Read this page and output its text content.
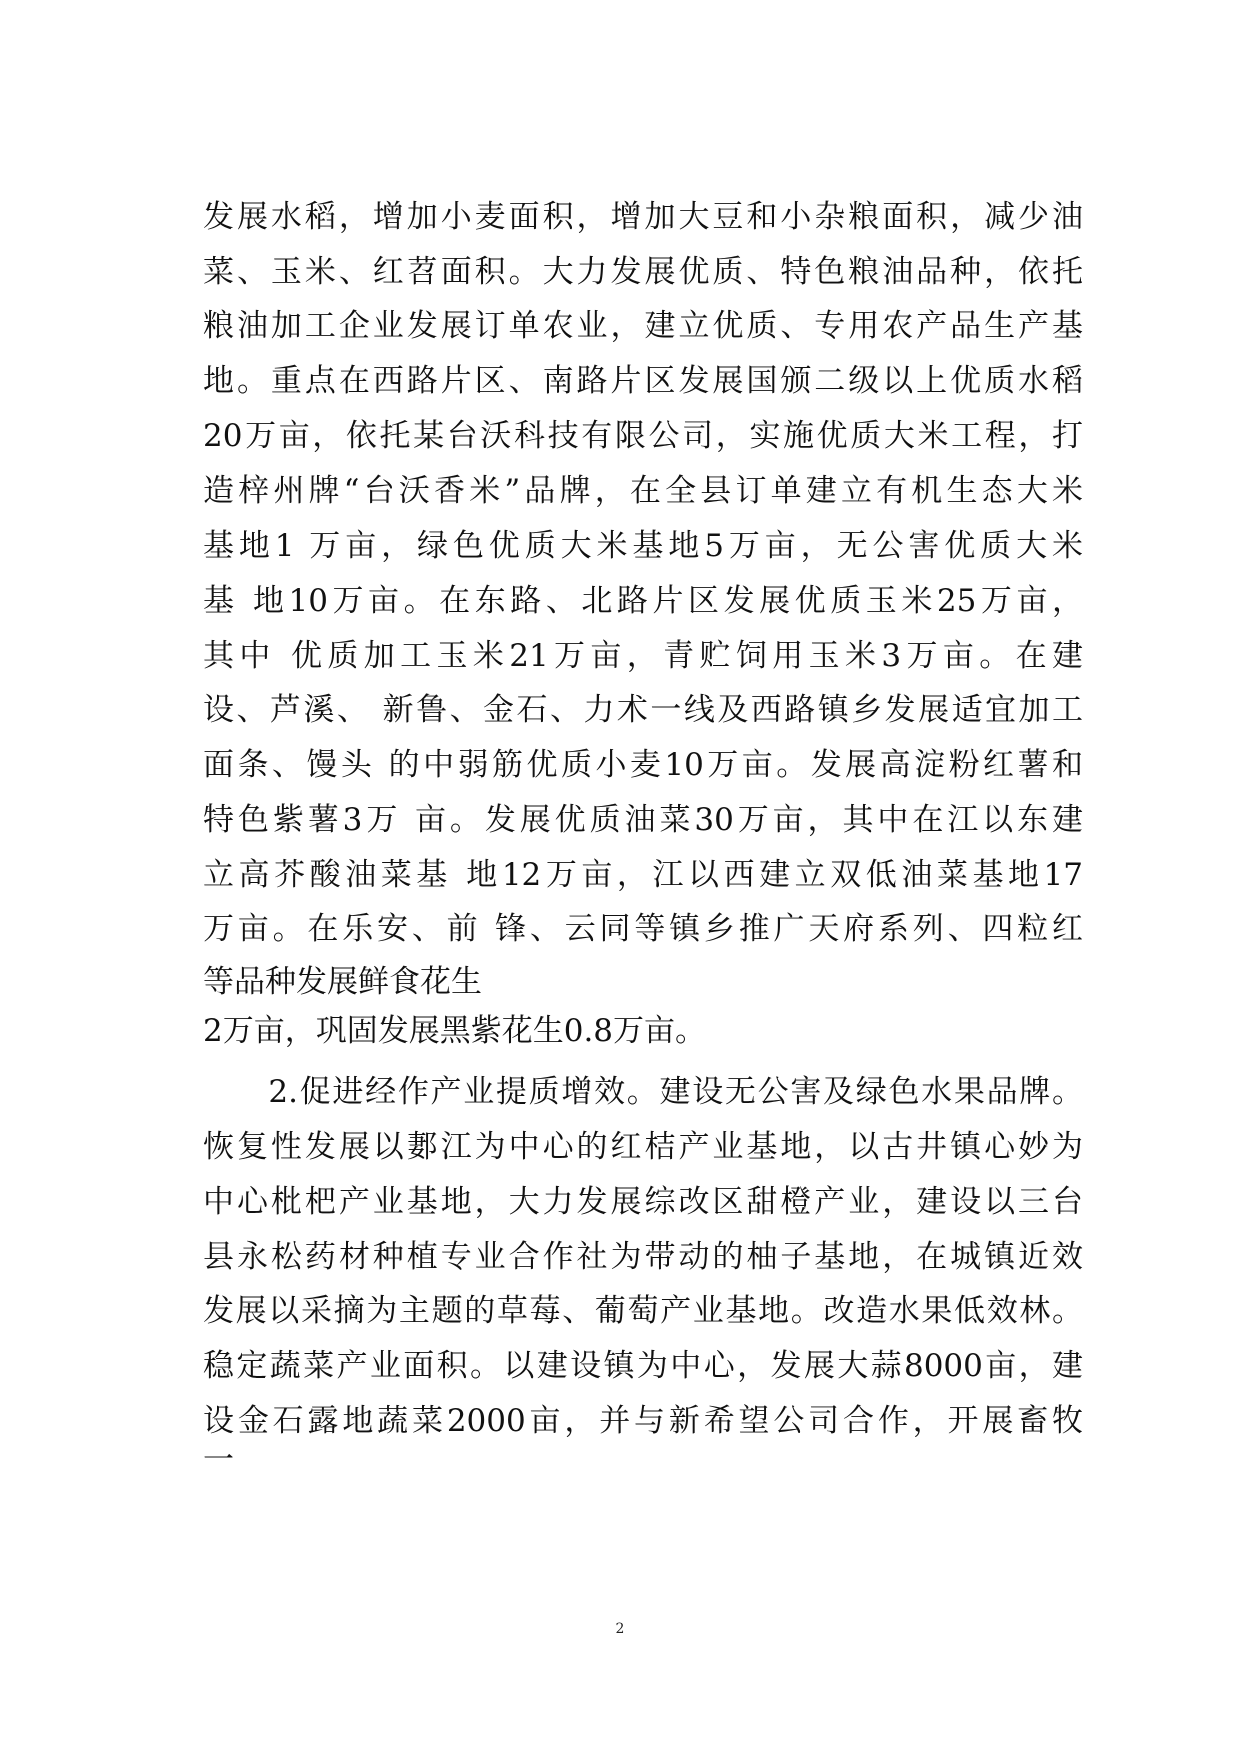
发展水稻，增加小麦面积，增加大豆和小杂粮面积，减少油
菜、玉米、红苕面积。大力发展优质、特色粮油品种，依托
粮油加工企业发展订单农业，建立优质、专用农产品生产基
地。重点在西路片区、南路片区发展国颁二级以上优质水稻
20万亩，依托某台沃科技有限公司，实施优质大米工程，打
造梓州牌“台沃香米”品牌，在全县订单建立有机生态大米
基地1 万亩，绿色优质大米基地5万亩，无公害优质大米
基 地10万亩。在东路、北路片区发展优质玉米25万亩，
其中 优质加工玉米21万亩，青贮饲用玉米3万亩。在建
设、芦溪、 新鲁、金石、力术一线及西路镇乡发展适宜加工
面条、馒头 的中弱筋优质小麦10万亩。发展高淀粉红薯和
特色紫薯3万 亩。发展优质油菜30万亩，其中在江以东建
立高芥酸油菜基 地12万亩，江以西建立双低油菜基地17
万亩。在乐安、前 锋、云同等镇乡推广天府系列、四粒红
等品种发展鲜食花生
2万亩，巩固发展黑紫花生0.8万亩。
　　2.促进经作产业提质增效。建设无公害及绿色水果品牌。
恢复性发展以郪江为中心的红桔产业基地，以古井镇心妙为
中心枇杷产业基地，大力发展综改区甜橙产业，建设以三台
县永松药材种植专业合作社为带动的柚子基地，在城镇近效
发展以采摘为主题的草莓、葡萄产业基地。改造水果低效林。
稳定蔬菜产业面积。以建设镇为中心，发展大蒜8000亩，建
设金石露地蔬菜2000亩，并与新希望公司合作，开展畜牧
一
2
